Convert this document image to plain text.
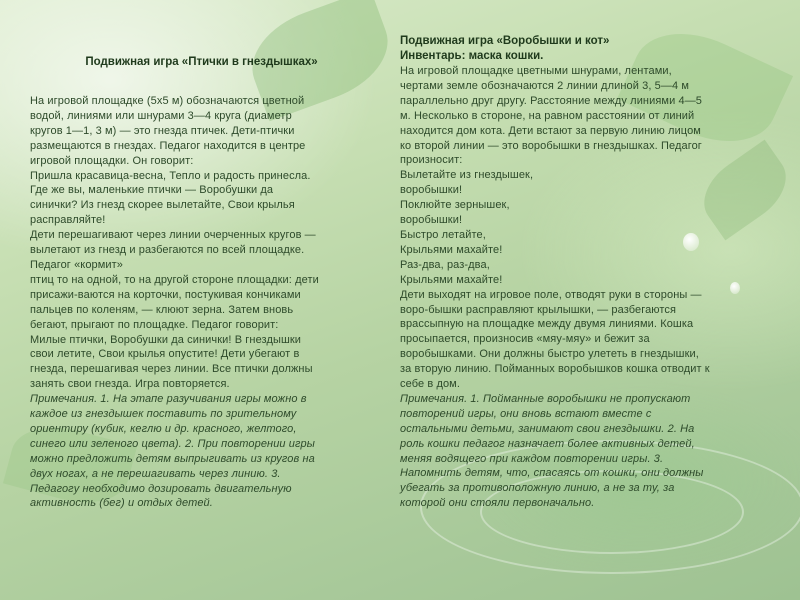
Подвижная игра «Птички в гнездышках»
На игровой площадке (5х5 м) обозначаются цветной
водой, линиями или шнурами 3—4 круга (диаметр
кругов 1—1, 3 м) — это гнезда птичек. Дети-птички
размещаются в гнездах. Педагог находится в центре
игровой площадки. Он говорит:
Пришла красавица-весна, Тепло и радость принесла.
Где же вы, маленькие птички — Воробушки да
синички? Из гнезд скорее вылетайте, Свои крылья
расправляйте!
Дети перешагивают через линии очерченных кругов —
вылетают из гнезд и разбегаются по всей площадке.
Педагог «кормит»
птиц то на одной, то на другой стороне площадки: дети
присажи-ваются на корточки, постукивая кончиками
пальцев по коленям, — клюют зерна. Затем вновь
бегают, прыгают по площадке. Педагог говорит:
Милые птички, Воробушки да синички! В гнездышки
свои летите, Свои крылья опустите! Дети убегают в
гнезда, перешагивая через линии. Все птички должны
занять свои гнезда. Игра повторяется.
Примечания. 1. На этапе разучивания игры можно в
каждое из гнездышек поставить по зрительному
ориентиру (кубик, кеглю и др. красного, желтого,
синего или зеленого цвета). 2. При повторении игры
можно предложить детям выпрыгивать из кругов на
двух ногах, а не перешагивать через линию. 3.
Педагогу необходимо дозировать двигательную
активность (бег) и отдых детей.
Подвижная игра «Воробышки и кот»
Инвентарь: маска кошки.
На игровой площадке цветными шнурами, лентами,
чертами земле обозначаются 2 линии длиной 3, 5—4 м
параллельно друг другу. Расстояние между линиями 4—5
м. Несколько в стороне, на равном расстоянии от линий
находится дом кота. Дети встают за первую линию лицом
ко второй линии — это воробышки в гнездышках. Педагог
произносит:
Вылетайте из гнездышек,
воробышки!
Поклюйте зернышек,
воробышки!
Быстро летайте,
Крыльями махайте!
Раз-два, раз-два,
Крыльями махайте!
Дети выходят на игровое поле, отводят руки в стороны —
воро-бышки расправляют крылышки, — разбегаются
врассыпную на площадке между двумя линиями. Кошка
просыпается, произносив «мяу-мяу» и бежит за
воробышками. Они должны быстро улететь в гнездышки,
за вторую линию. Пойманных воробышков кошка отводит к
себе в дом.
Примечания. 1. Пойманные воробышки не пропускают
повторений игры, они вновь встают вместе с
остальными детьми, занимают свои гнездышки. 2. На
роль кошки педагог назначает более активных детей,
меняя водящего при каждом повторении игры. 3.
Напомнить детям, что, спасаясь от кошки, они должны
убегать за противоположную линию, а не за ту, за
которой они стояли первоначально.
